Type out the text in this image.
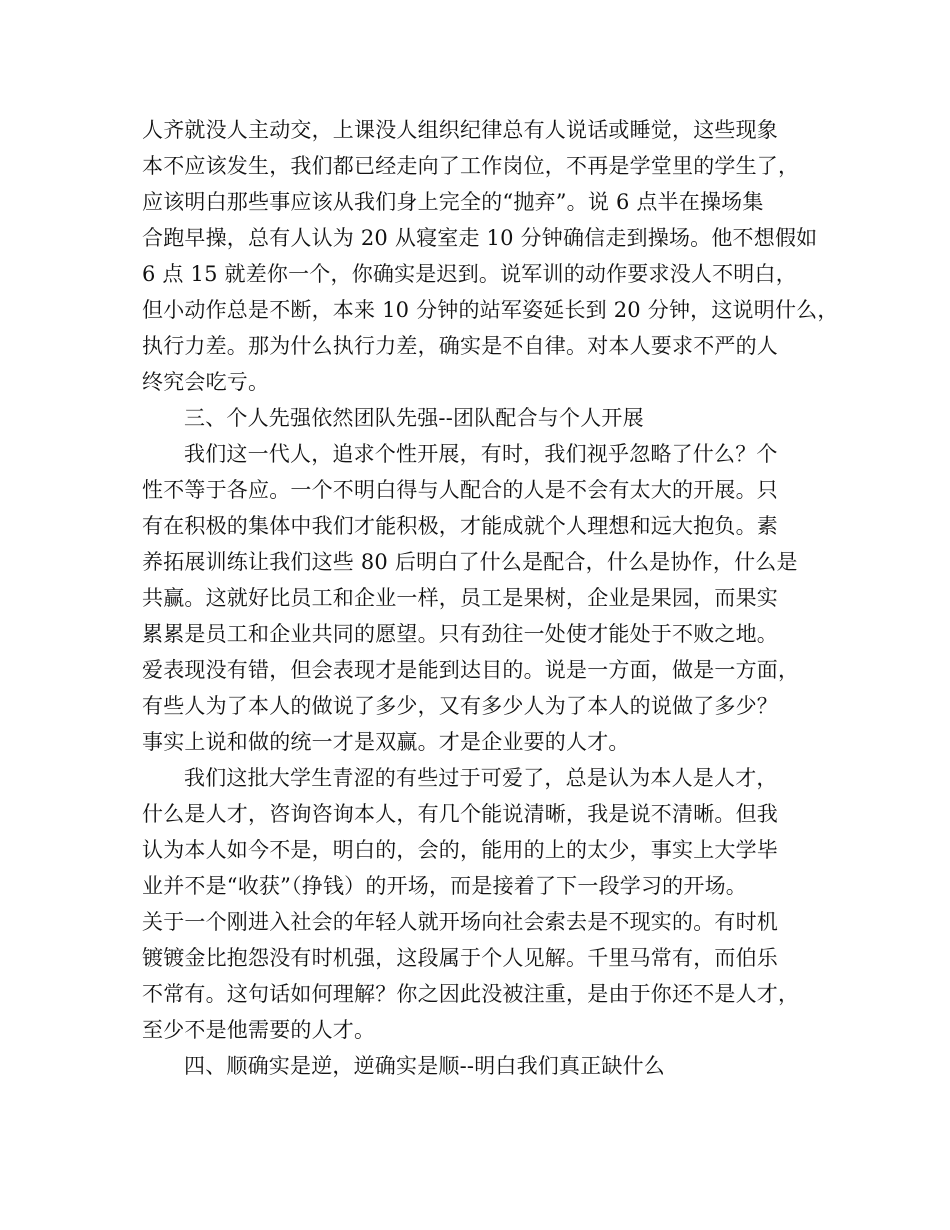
人齐就没人主动交，上课没人组织纪律总有人说话或睡觉，这些现象
本不应该发生，我们都已经走向了工作岗位，不再是学堂里的学生了，
应该明白那些事应该从我们身上完全的“抛弃”。说 6 点半在操场集
合跑早操，总有人认为 20 从寝室走 10 分钟确信走到操场。他不想假如
6 点 15 就差你一个，你确实是迟到。说军训的动作要求没人不明白，
但小动作总是不断，本来 10 分钟的站军姿延长到 20 分钟，这说明什么，
执行力差。那为什么执行力差，确实是不自律。对本人要求不严的人
终究会吃亏。
三、个人先强依然团队先强--团队配合与个人开展
我们这一代人，追求个性开展，有时，我们视乎忽略了什么？个
性不等于各应。一个不明白得与人配合的人是不会有太大的开展。只
有在积极的集体中我们才能积极，才能成就个人理想和远大抱负。素
养拓展训练让我们这些 80 后明白了什么是配合，什么是协作，什么是
共赢。这就好比员工和企业一样，员工是果树，企业是果园，而果实
累累是员工和企业共同的愿望。只有劲往一处使才能处于不败之地。
爱表现没有错，但会表现才是能到达目的。说是一方面，做是一方面，
有些人为了本人的做说了多少，又有多少人为了本人的说做了多少？
事实上说和做的统一才是双赢。才是企业要的人才。
我们这批大学生青涩的有些过于可爱了，总是认为本人是人才，
什么是人才，咨询咨询本人，有几个能说清晰，我是说不清晰。但我
认为本人如今不是，明白的，会的，能用的上的太少，事实上大学毕
业并不是“收获”（挣钱）的开场，而是接着了下一段学习的开场。
关于一个刚进入社会的年轻人就开场向社会索去是不现实的。有时机
镀镀金比抱怨没有时机强，这段属于个人见解。千里马常有，而伯乐
不常有。这句话如何理解？你之因此没被注重，是由于你还不是人才，
至少不是他需要的人才。
四、顺确实是逆，逆确实是顺--明白我们真正缺什么
